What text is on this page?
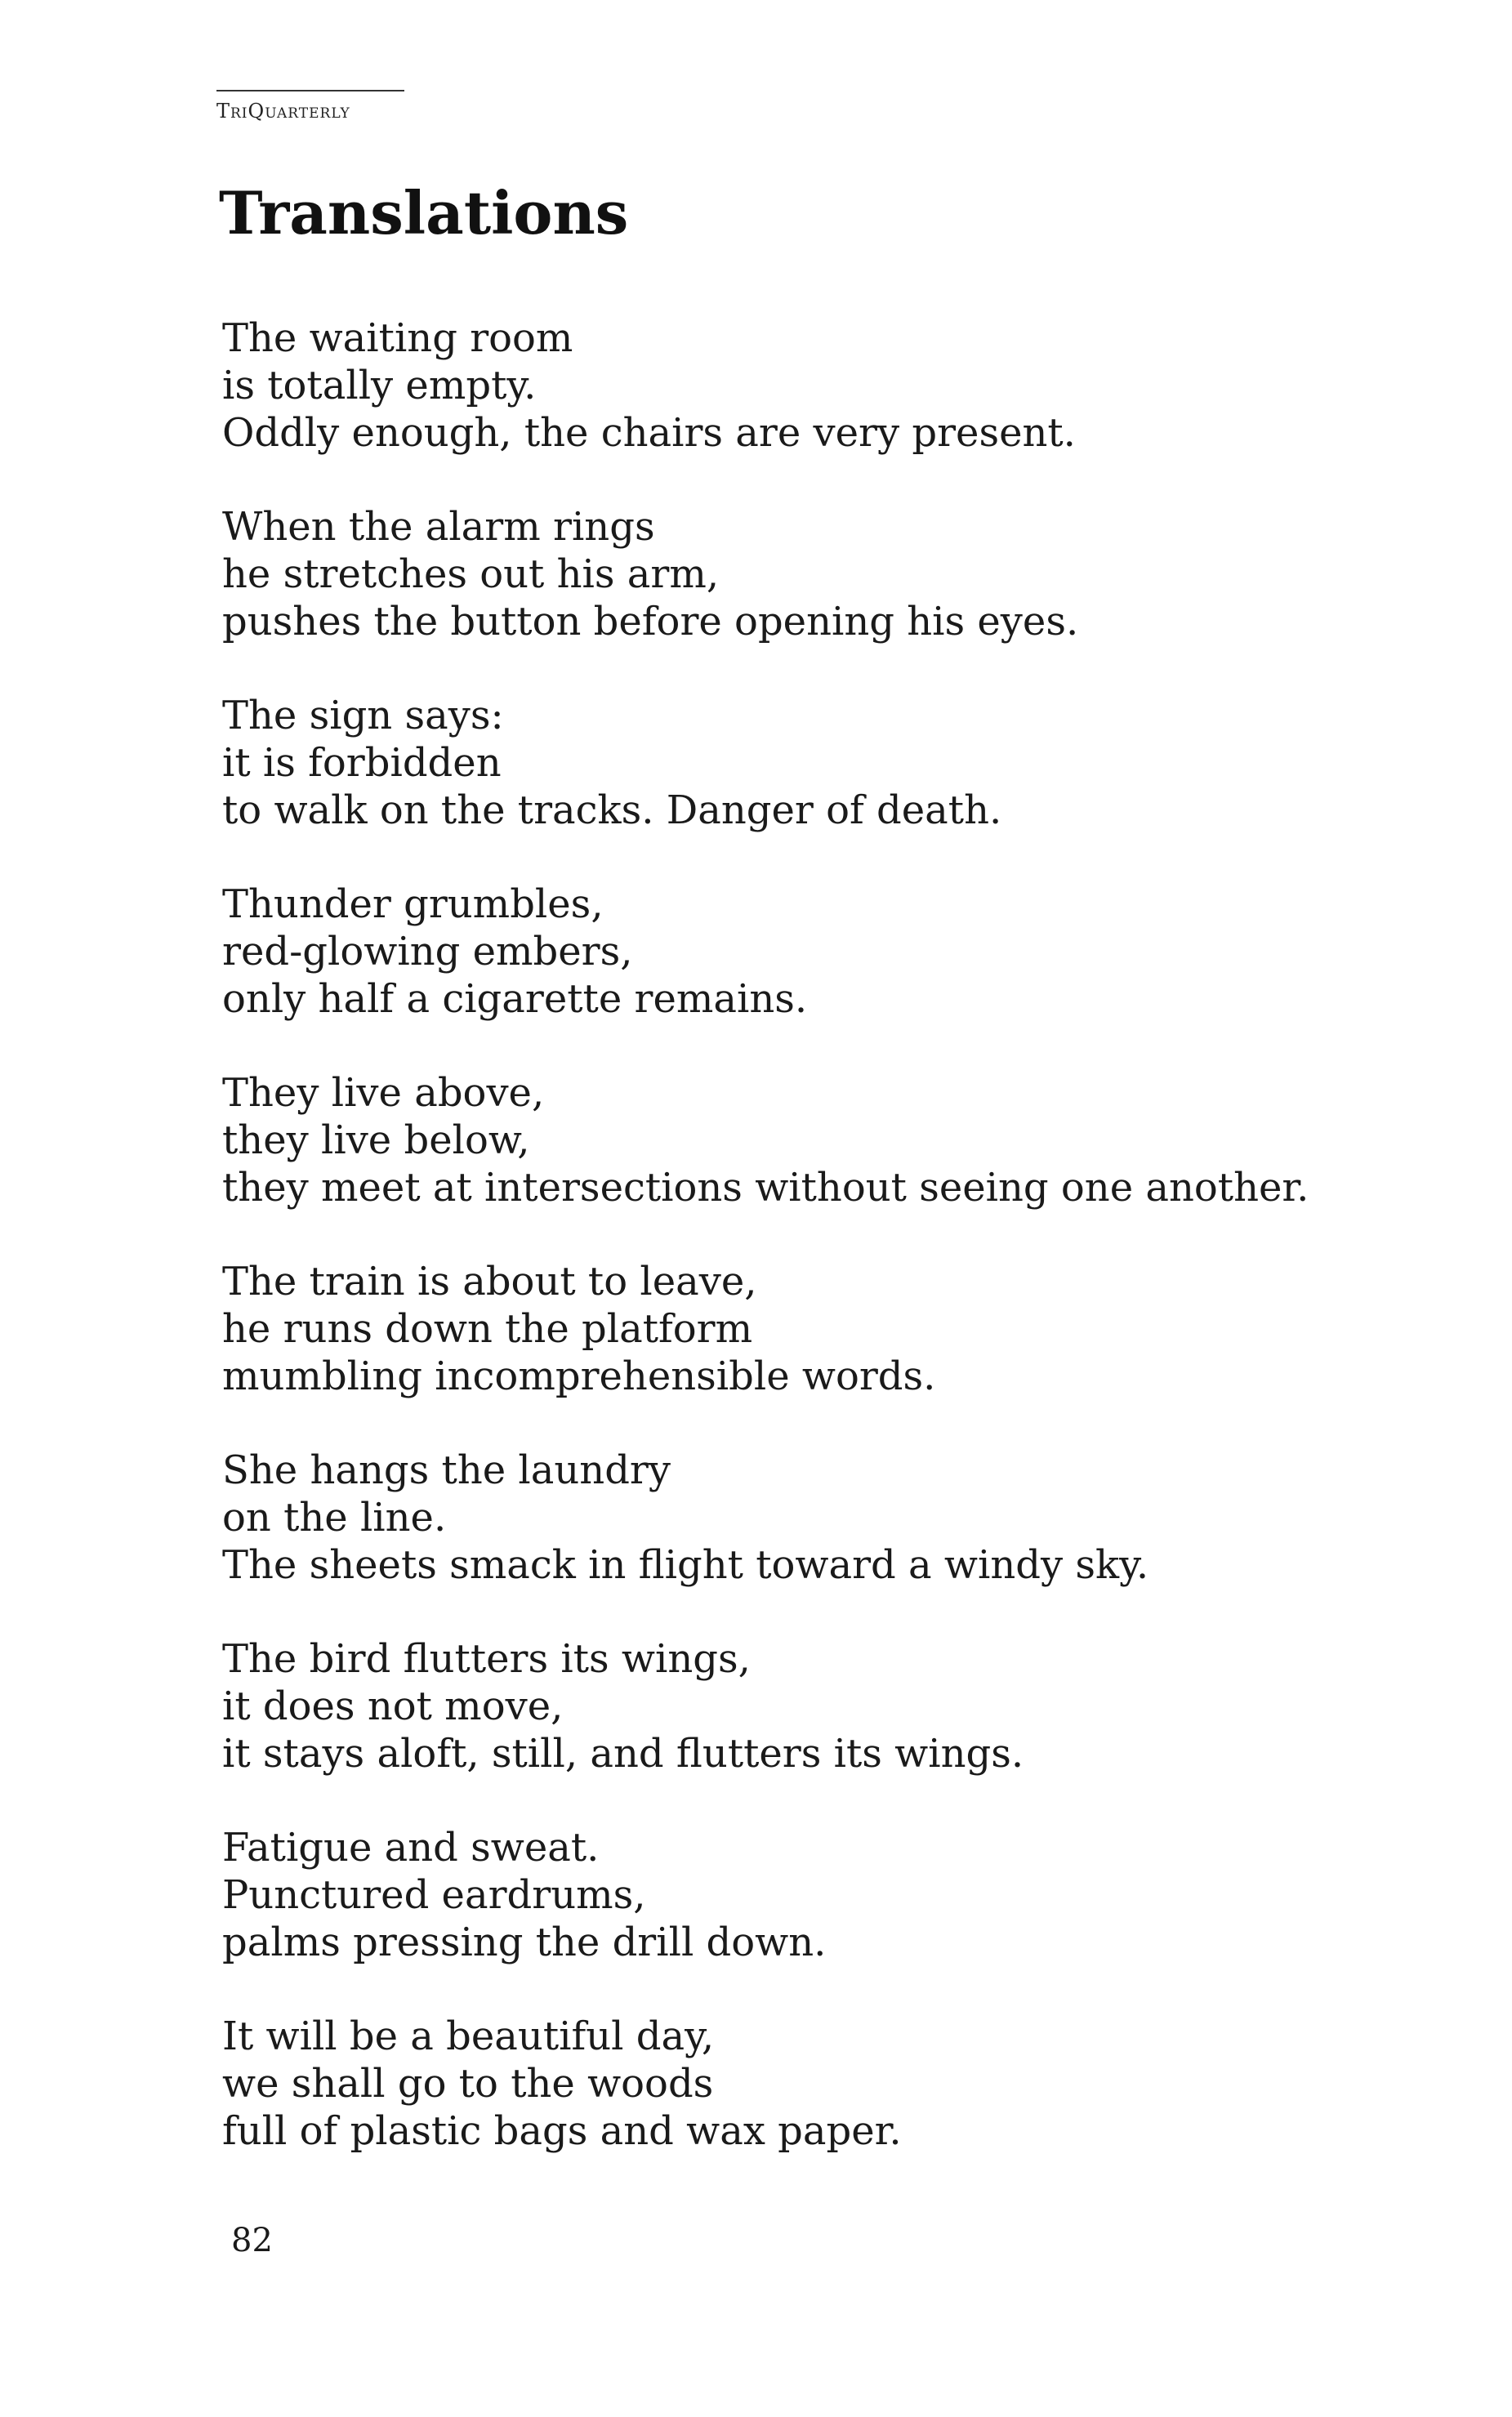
TriQuarterly
Translations
The waiting room
is totally empty.
Oddly enough, the chairs are very present.
When the alarm rings
he stretches out his arm,
pushes the button before opening his eyes.
The sign says:
it is forbidden
to walk on the tracks. Danger of death.
Thunder grumbles,
red-glowing embers,
only half a cigarette remains.
They live above,
they live below,
they meet at intersections without seeing one another.
The train is about to leave,
he runs down the platform
mumbling incomprehensible words.
She hangs the laundry
on the line.
The sheets smack in flight toward a windy sky.
The bird flutters its wings,
it does not move,
it stays aloft, still, and flutters its wings.
Fatigue and sweat.
Punctured eardrums,
palms pressing the drill down.
It will be a beautiful day,
we shall go to the woods
full of plastic bags and wax paper.
82
